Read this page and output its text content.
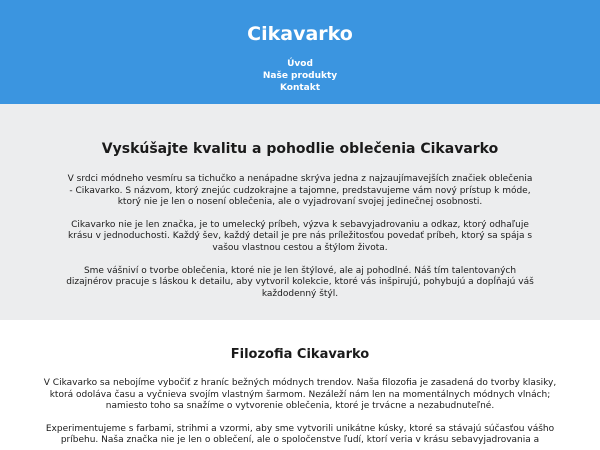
Cikavarko
Úvod
Naše produkty
Kontakt
Vyskúšajte kvalitu a pohodlie oblečenia Cikavarko

V srdci módneho vesmíru sa tichučko a nenápadne skrýva jedna z najzaujímavejších značiek oblečenia - Cikavarko. S názvom, ktorý znejúc cudzokrajne a tajomne, predstavujeme vám nový prístup k móde, ktorý nie je len o nosení oblečenia, ale o vyjadrovaní svojej jedinečnej osobnosti.

Cikavarko nie je len značka, je to umelecký príbeh, výzva k sebavyjadrovaniu a odkaz, ktorý odhaľuje krásu v jednoduchosti. Každý šev, každý detail je pre nás príležitosťou povedať príbeh, ktorý sa spája s vašou vlastnou cestou a štýlom života.

Sme vášniví o tvorbe oblečenia, ktoré nie je len štýlové, ale aj pohodlné. Náš tím talentovaných dizajnérov pracuje s láskou k detailu, aby vytvoril kolekcie, ktoré vás inšpirujú, pohybujú a dopĺňajú váš každodenný štýl.

Filozofia Cikavarko

V Cikavarko sa nebojíme vybočiť z hraníc bežných módnych trendov. Naša filozofia je zasadená do tvorby klasiky, ktorá odoláva času a vyčnieva svojím vlastným šarmom. Nezáleží nám len na momentálnych módnych vlnách; namiesto toho sa snažíme o vytvorenie oblečenia, ktoré je trvácne a nezabudnuteľné.

Experimentujeme s farbami, strihmi a vzormi, aby sme vytvorili unikátne kúsky, ktoré sa stávajú súčasťou vášho príbehu. Naša značka nie je len o oblečení, ale o spoločenstve ľudí, ktorí veria v krásu sebavyjadrovania a
